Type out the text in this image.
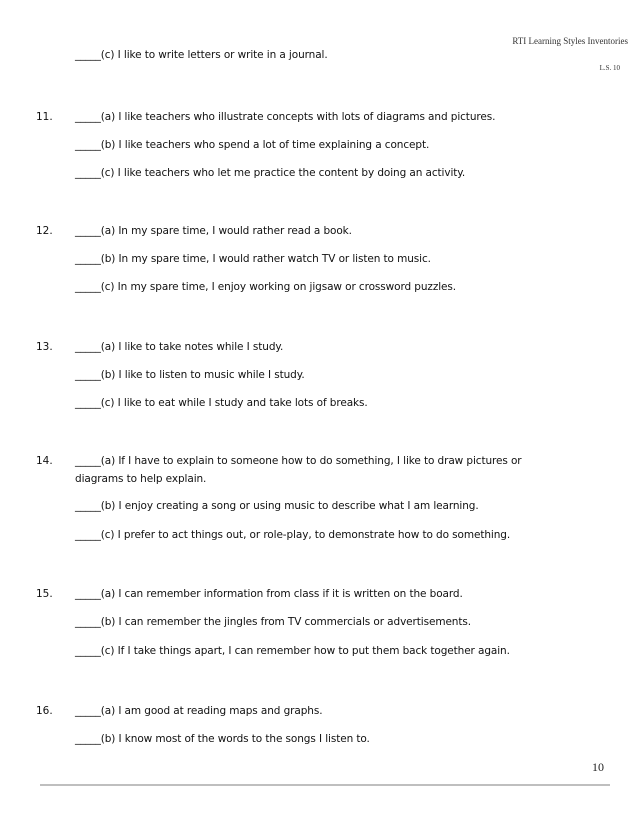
RTI Learning Styles Inventories
L.S. 10
_____(c) I like to write letters or write in a journal.
11. _____(a) I like teachers who illustrate concepts with lots of diagrams and pictures.
_____(b) I like teachers who spend a lot of time explaining a concept.
_____(c) I like teachers who let me practice the content by doing an activity.
12. _____(a) In my spare time, I would rather read a book.
_____(b) In my spare time, I would rather watch TV or listen to music.
_____(c) In my spare time, I enjoy working on jigsaw or crossword puzzles.
13. _____(a) I like to take notes while I study.
_____(b) I like to listen to music while I study.
_____(c) I like to eat while I study and take lots of breaks.
14. _____(a) If I have to explain to someone how to do something, I like to draw pictures or
diagrams to help explain.
_____(b) I enjoy creating a song or using music to describe what I am learning.
_____(c) I prefer to act things out, or role-play, to demonstrate how to do something.
15. _____(a) I can remember information from class if it is written on the board.
_____(b) I can remember the jingles from TV commercials or advertisements.
_____(c) If I take things apart, I can remember how to put them back together again.
16. _____(a) I am good at reading maps and graphs.
_____(b) I know most of the words to the songs I listen to.
10
